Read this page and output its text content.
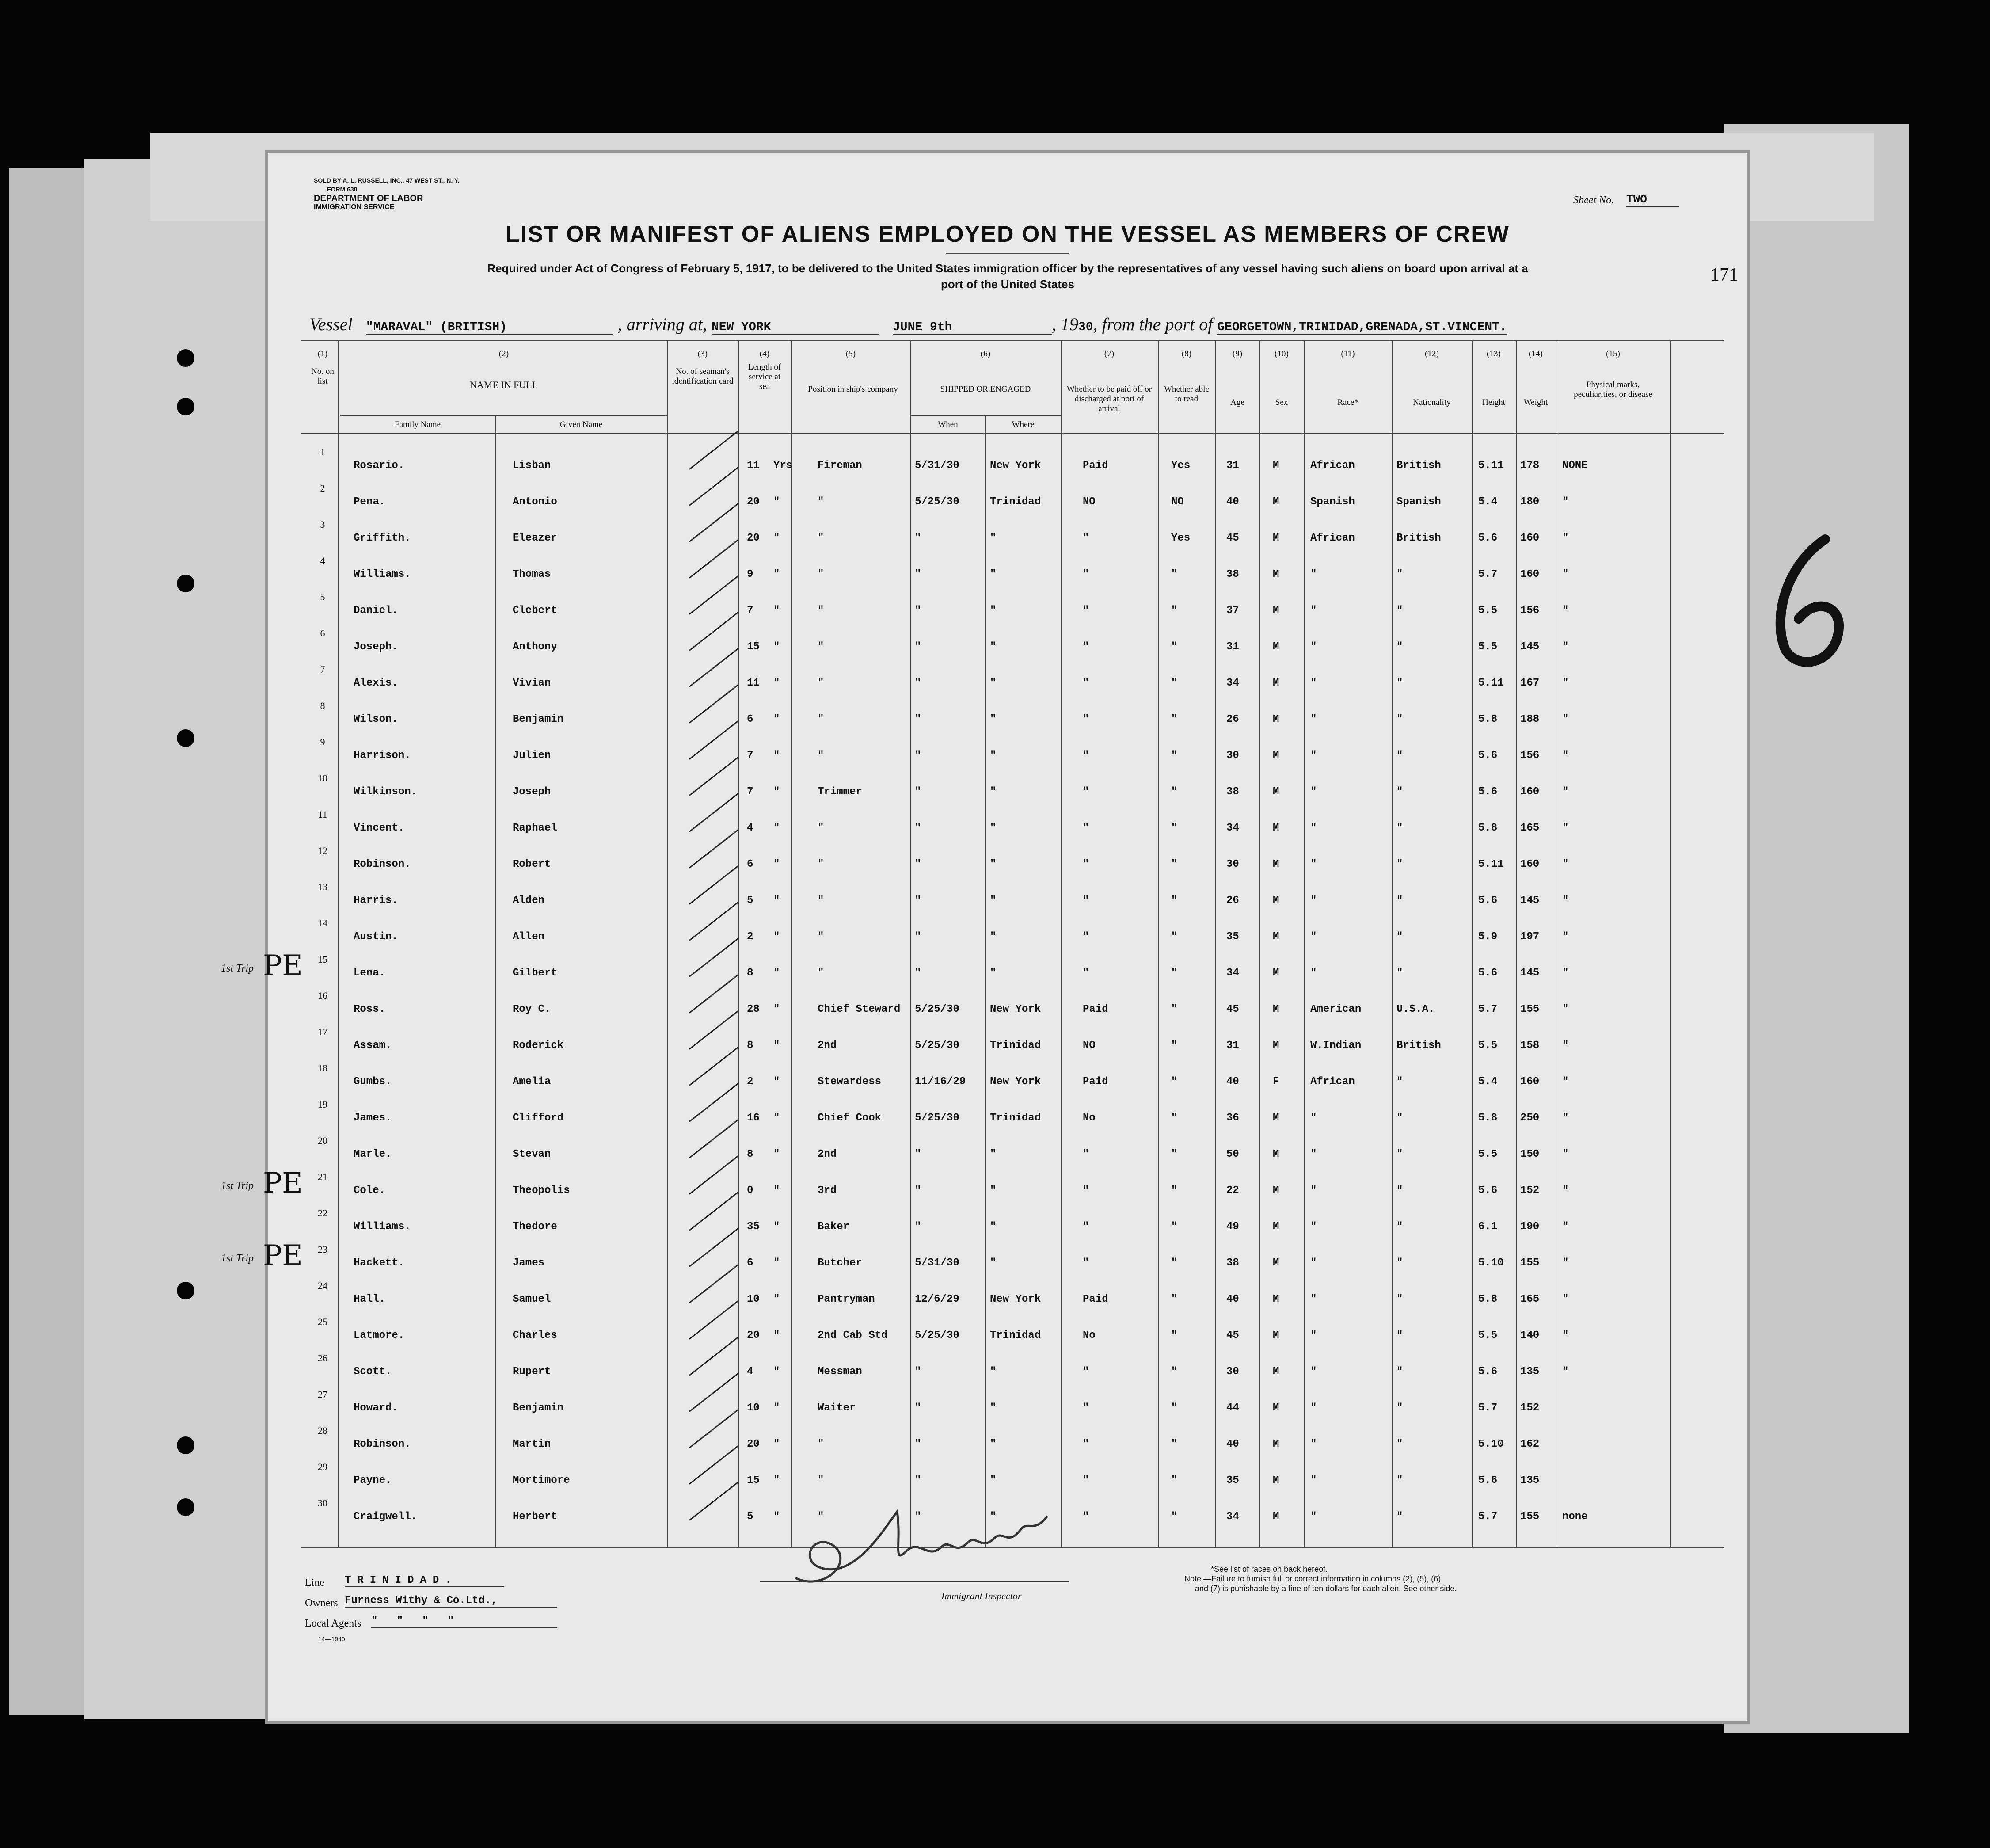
SOLD BY A. L. RUSSELL, INC., 47 WEST ST., N. Y.
FORM 630
DEPARTMENT OF LABOR
IMMIGRATION SERVICE
Sheet No. TWO
171
LIST OR MANIFEST OF ALIENS EMPLOYED ON THE VESSEL AS MEMBERS OF CREW
Required under Act of Congress of February 5, 1917, to be delivered to the United States immigration officer by the representatives of any vessel having such aliens on board upon arrival at a
port of the United States
Vessel "MARAVAL" (BRITISH)	, arriving at, NEW YORK	JUNE 9th	, 1930, from the port of GEORGETOWN,TRINIDAD,GRENADA,ST.VINCENT.
(1)
No. on list
(2)
NAME IN FULL
Family Name	Given Name
(3)
No. of seaman's identification card
(4)
Length of service at sea
(5)
Position in ship's company
(6)
SHIPPED OR ENGAGED
When	Where
(7)
Whether to be paid off or discharged at port of arrival
(8)
Whether able to read
(9)
Age
(10)
Sex
(11)
Race*
(12)
Nationality
(13)
Height
(14)
Weight
(15)
Physical marks, peculiarities, or disease
1
Rosario.	Lisban	11 Yrs Fireman	5/31/30	New York	Paid	Yes	31	M	African	British	5.11 178 NONE
2
Pena.	Antonio	20 "	"	5/25/30	Trinidad	NO	NO	40	M	Spanish	Spanish	5.4 180 "
3
Griffith.	Eleazer	20 "	"	"	"	"	Yes	45	M	African	British	5.6 160 "
4
Williams.	Thomas	9 "	"	"	"	"	"	38	M	"	"	5.7 160 "
5
Daniel.	Clebert	7 "	"	"	"	"	"	37	M	"	"	5.5 156 "
6
Joseph.	Anthony	15 "	"	"	"	"	"	31	M	"	"	5.5 145 "
7
Alexis.	Vivian	11 "	"	"	"	"	"	34	M	"	"	5.11 167 "
8
Wilson.	Benjamin	6 "	"	"	"	"	"	26	M	"	"	5.8 188 "
9
Harrison.	Julien	7 "	"	"	"	"	"	30	M	"	"	5.6 156 "
10
Wilkinson.	Joseph	7 "	Trimmer	"	"	"	"	38	M	"	"	5.6 160 "
11
Vincent.	Raphael	4 "	"	"	"	"	"	34	M	"	"	5.8 165 "
12
Robinson.	Robert	6 "	"	"	"	"	"	30	M	"	"	5.11 160 "
13
Harris.	Alden	5 "	"	"	"	"	"	26	M	"	"	5.6 145 "
14
Austin.	Allen	2 "	"	"	"	"	"	35	M	"	"	5.9 197 "
15
Lena.	Gilbert	8 "	"	"	"	"	"	34	M	"	"	5.6 145 "
16
Ross.	Roy C.	28 "	Chief Steward 5/25/30	New York	Paid	"	45	M	American	U.S.A.	5.7 155 "
17
Assam.	Roderick	8 "	2nd	5/25/30	Trinidad	NO	"	31	M	W.Indian	British	5.5 158 "
18
Gumbs.	Amelia	2 "	Stewardess	11/16/29 New York	Paid	"	40	F	African	"	5.4 160 "
19
James.	Clifford	16 "	Chief Cook	5/25/30	Trinidad	No	"	36	M	"	"	5.8 250 "
20
Marle.	Stevan	8 "	2nd	"	"	"	"	50	M	"	"	5.5 150 "
21
Cole.	Theopolis	0 "	3rd	"	"	"	"	22	M	"	"	5.6 152 "
22
Williams.	Thedore	35 "	Baker	"	"	"	"	49	M	"	"	6.1 190 "
23
Hackett.	James	6 "	Butcher	5/31/30	"	"	"	38	M	"	"	5.10 155 "
24
Hall.	Samuel	10 "	Pantryman	12/6/29	New York	Paid	"	40	M	"	"	5.8 165 "
25
Latmore.	Charles	20 "	2nd Cab Std	5/25/30	Trinidad	No	"	45	M	"	"	5.5 140 "
26
Scott.	Rupert	4 "	Messman	"	"	"	"	30	M	"	"	5.6 135 "
27
Howard.	Benjamin	10 "	Waiter	"	"	"	"	44	M	"	"	5.7 152
28
Robinson.	Martin	20 "	"	"	"	"	"	40	M	"	"	5.10 162
29
Payne.	Mortimore	15 "	"	"	"	"	"	35	M	"	"	5.6 135
30
Craigwell.	Herbert	5 "	"	"	"	"	"	34	M	"	"	5.7 155 none
1st Trip PE
1st Trip PE
1st Trip PE
Line TRINIDAD.
Owners Furness Withy & Co.Ltd.,
Local Agents "   "   "   "
14—1940
Immigrant Inspector
*See list of races on back hereof.
Note.—Failure to furnish full or correct information in columns (2), (5), (6),
and (7) is punishable by a fine of ten dollars for each alien. See other side.
